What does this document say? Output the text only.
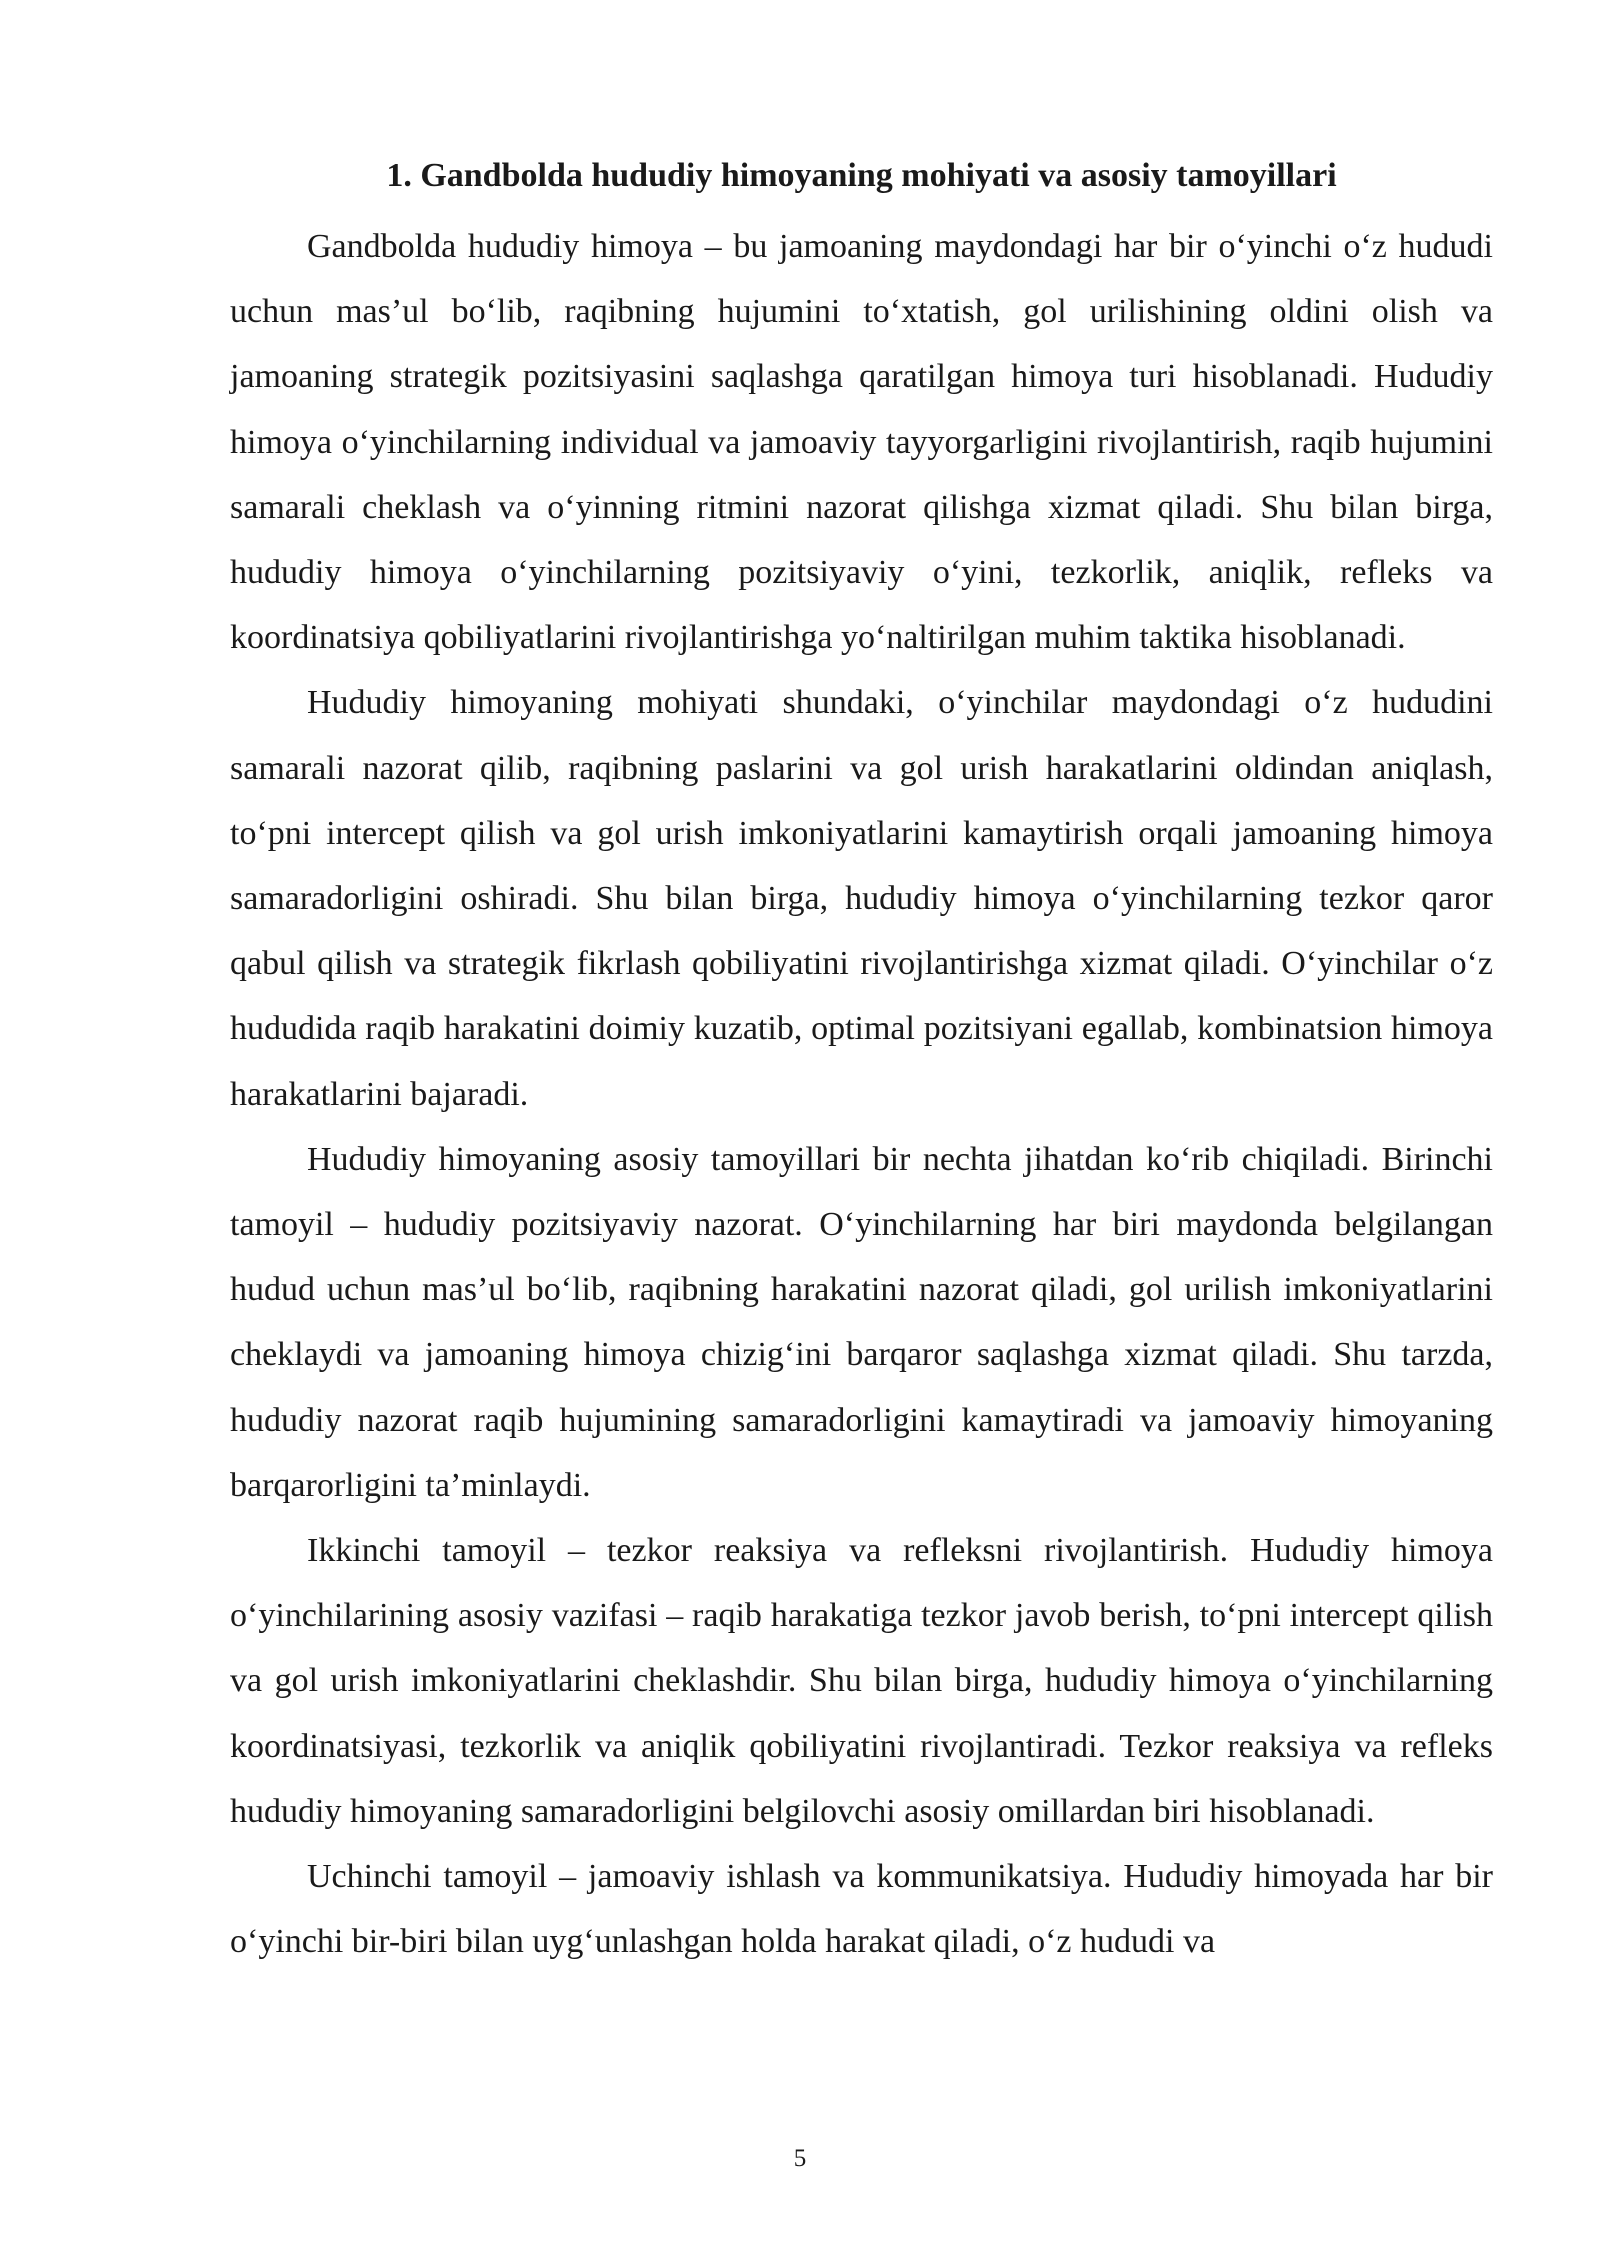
1. Gandbolda hududiy himoyaning mohiyati va asosiy tamoyillari

Gandbolda hududiy himoya – bu jamoaning maydondagi har bir o‘yinchi o‘z hududi uchun mas’ul bo‘lib, raqibning hujumini to‘xtatish, gol urilishining oldini olish va jamoaning strategik pozitsiyasini saqlashga qaratilgan himoya turi hisoblanadi. Hududiy himoya o‘yinchilarning individual va jamoaviy tayyorgarligini rivojlantirish, raqib hujumini samarali cheklash va o‘yinning ritmini nazorat qilishga xizmat qiladi. Shu bilan birga, hududiy himoya o‘yinchilarning pozitsiyaviy o‘yini, tezkorlik, aniqlik, refleks va koordinatsiya qobiliyatlarini rivojlantirishga yo‘naltirilgan muhim taktika hisoblanadi.

Hududiy himoyaning mohiyati shundaki, o‘yinchilar maydondagi o‘z hududini samarali nazorat qilib, raqibning paslarini va gol urish harakatlarini oldindan aniqlash, to‘pni intercept qilish va gol urish imkoniyatlarini kamaytirish orqali jamoaning himoya samaradorligini oshiradi. Shu bilan birga, hududiy himoya o‘yinchilarning tezkor qaror qabul qilish va strategik fikrlash qobiliyatini rivojlantirishga xizmat qiladi. O‘yinchilar o‘z hududida raqib harakatini doimiy kuzatib, optimal pozitsiyani egallab, kombinatsion himoya harakatlarini bajaradi.

Hududiy himoyaning asosiy tamoyillari bir nechta jihatdan ko‘rib chiqiladi. Birinchi tamoyil – hududiy pozitsiyaviy nazorat. O‘yinchilarning har biri maydonda belgilangan hudud uchun mas’ul bo‘lib, raqibning harakatini nazorat qiladi, gol urilish imkoniyatlarini cheklaydi va jamoaning himoya chizig‘ini barqaror saqlashga xizmat qiladi. Shu tarzda, hududiy nazorat raqib hujumining samaradorligini kamaytiradi va jamoaviy himoyaning barqarorligini ta’minlaydi.

Ikkinchi tamoyil – tezkor reaksiya va refleksni rivojlantirish. Hududiy himoya o‘yinchilarining asosiy vazifasi – raqib harakatiga tezkor javob berish, to‘pni intercept qilish va gol urish imkoniyatlarini cheklashdir. Shu bilan birga, hududiy himoya o‘yinchilarning koordinatsiyasi, tezkorlik va aniqlik qobiliyatini rivojlantiradi. Tezkor reaksiya va refleks hududiy himoyaning samaradorligini belgilovchi asosiy omillardan biri hisoblanadi.

Uchinchi tamoyil – jamoaviy ishlash va kommunikatsiya. Hududiy himoyada har bir o‘yinchi bir-biri bilan uyg‘unlashgan holda harakat qiladi, o‘z hududi va

5
